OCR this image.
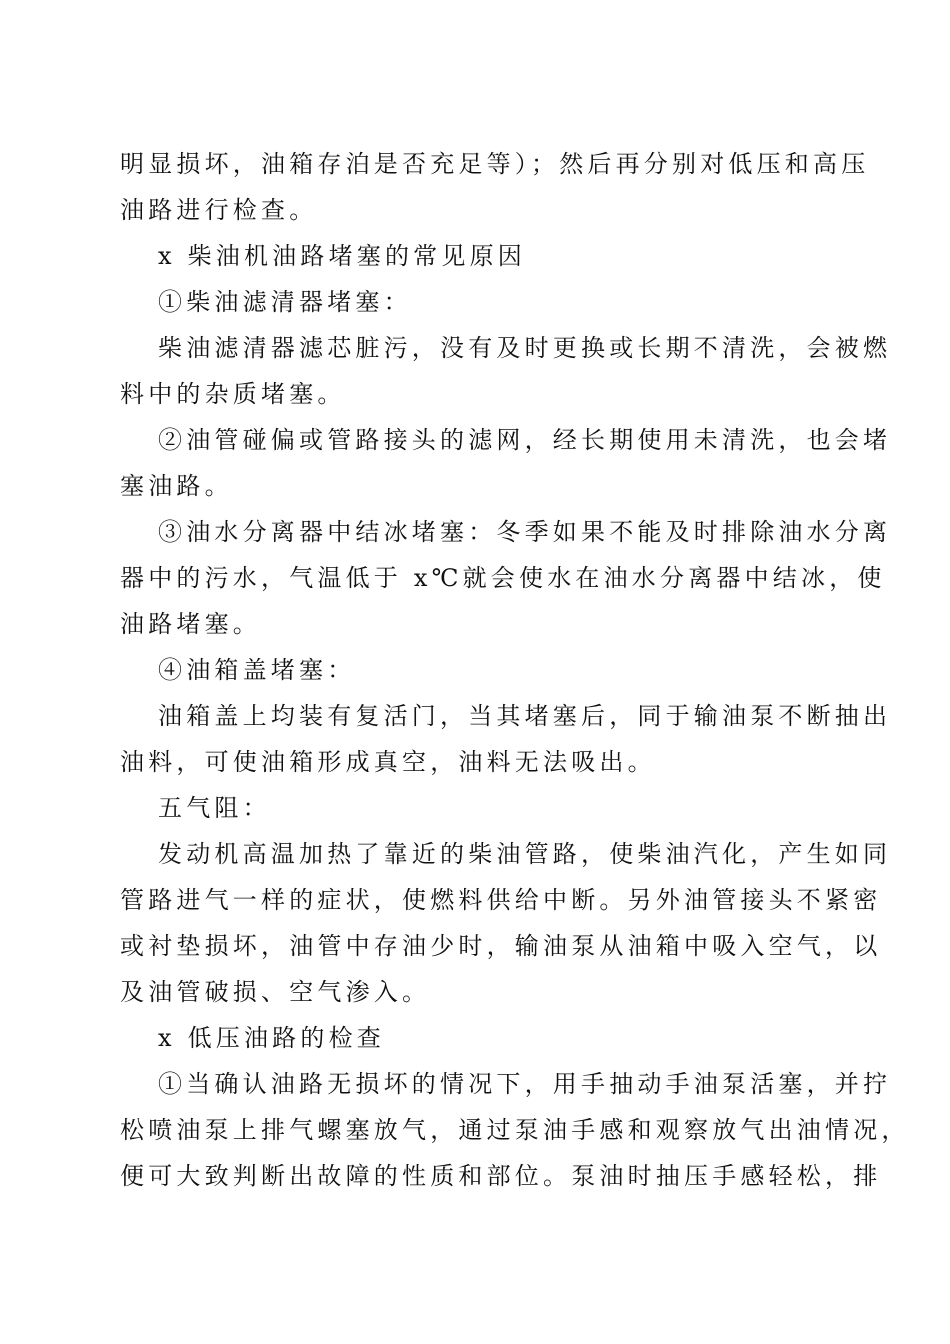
明显损坏，油箱存泊是否充足等）；然后再分别对低压和高压
油路进行检查。
x 柴油机油路堵塞的常见原因
①柴油滤清器堵塞：
柴油滤清器滤芯脏污，没有及时更换或长期不清洗，会被燃
料中的杂质堵塞。
②油管碰偏或管路接头的滤网，经长期使用未清洗，也会堵
塞油路。
③油水分离器中结冰堵塞：冬季如果不能及时排除油水分离
器中的污水，气温低于 x℃就会使水在油水分离器中结冰，使
油路堵塞。
④油箱盖堵塞：
油箱盖上均装有复活门，当其堵塞后，同于输油泵不断抽出
油料，可使油箱形成真空，油料无法吸出。
五气阻：
发动机高温加热了靠近的柴油管路，使柴油汽化，产生如同
管路进气一样的症状，使燃料供给中断。另外油管接头不紧密
或衬垫损坏，油管中存油少时，输油泵从油箱中吸入空气，以
及油管破损、空气渗入。
x 低压油路的检查
①当确认油路无损坏的情况下，用手抽动手油泵活塞，并拧
松喷油泵上排气螺塞放气，通过泵油手感和观察放气出油情况，
便可大致判断出故障的性质和部位。泵油时抽压手感轻松，排
